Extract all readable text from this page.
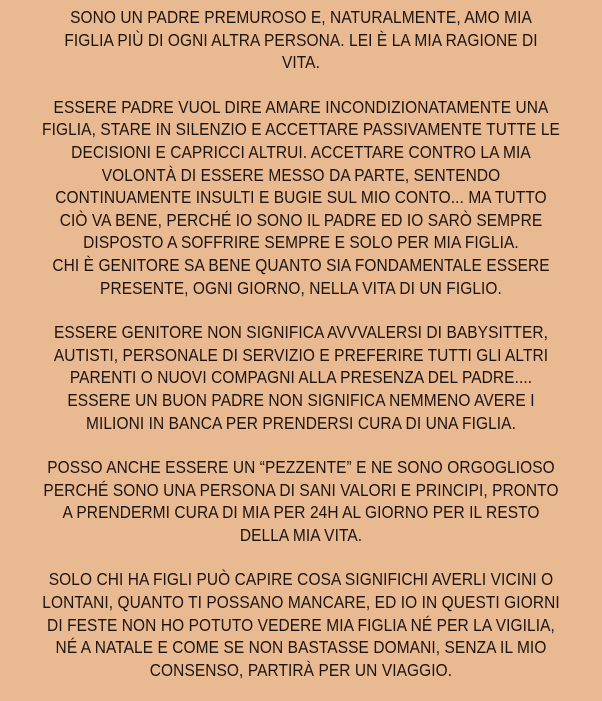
SONO UN PADRE PREMUROSO E, NATURALMENTE, AMO MIA
FIGLIA PIÙ DI OGNI ALTRA PERSONA. LEI È LA MIA RAGIONE DI
VITA.

ESSERE PADRE VUOL DIRE AMARE INCONDIZIONATAMENTE UNA
FIGLIA, STARE IN SILENZIO E ACCETTARE PASSIVAMENTE TUTTE LE
DECISIONI E CAPRICCI ALTRUI. ACCETTARE CONTRO LA MIA
VOLONTÀ DI ESSERE MESSO DA PARTE, SENTENDO
CONTINUAMENTE INSULTI E BUGIE SUL MIO CONTO... MA TUTTO
CIÒ VA BENE, PERCHÉ IO SONO IL PADRE ED IO SARÒ SEMPRE
DISPOSTO A SOFFRIRE SEMPRE E SOLO PER MIA FIGLIA.
CHI È GENITORE SA BENE QUANTO SIA FONDAMENTALE ESSERE
PRESENTE, OGNI GIORNO, NELLA VITA DI UN FIGLIO.

ESSERE GENITORE NON SIGNIFICA AVVVALERSI DI BABYSITTER,
AUTISTI, PERSONALE DI SERVIZIO E PREFERIRE TUTTI GLI ALTRI
PARENTI O NUOVI COMPAGNI ALLA PRESENZA DEL PADRE....
ESSERE UN BUON PADRE NON SIGNIFICA NEMMENO AVERE I
MILIONI IN BANCA PER PRENDERSI CURA DI UNA FIGLIA.

POSSO ANCHE ESSERE UN “PEZZENTE” E NE SONO ORGOGLIOSO
PERCHÉ SONO UNA PERSONA DI SANI VALORI E PRINCIPI, PRONTO
A PRENDERMI CURA DI MIA PER 24H AL GIORNO PER IL RESTO
DELLA MIA VITA.

SOLO CHI HA FIGLI PUÒ CAPIRE COSA SIGNIFICHI AVERLI VICINI O
LONTANI, QUANTO TI POSSANO MANCARE, ED IO IN QUESTI GIORNI
DI FESTE NON HO POTUTO VEDERE MIA FIGLIA NÉ PER LA VIGILIA,
NÉ A NATALE E COME SE NON BASTASSE DOMANI, SENZA IL MIO
CONSENSO, PARTIRÀ PER UN VIAGGIO.
